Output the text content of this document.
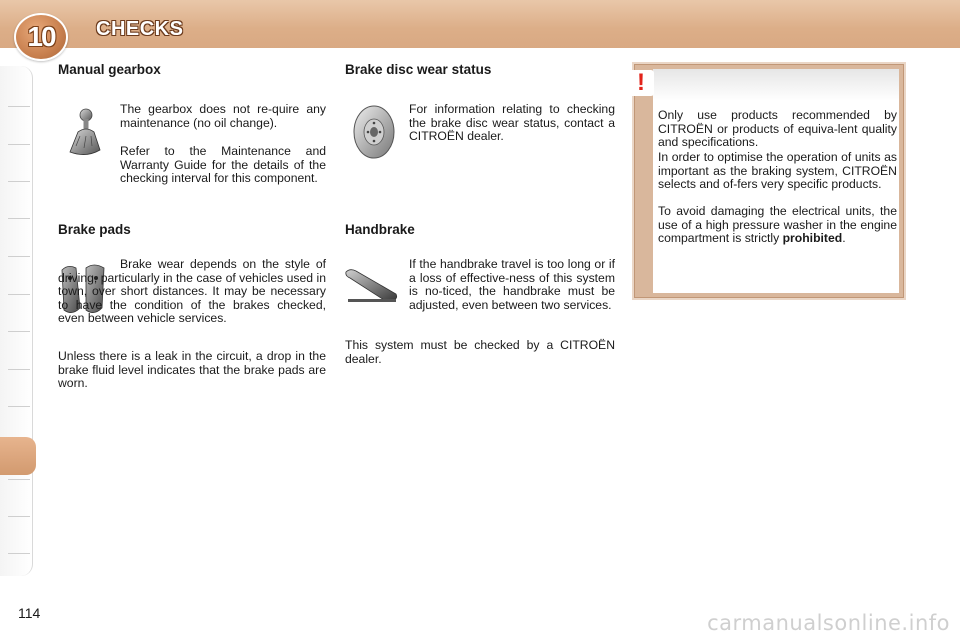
10	CHECKS
Manual gearbox

The gearbox does not re-quire any maintenance (no oil change).

Refer to the Maintenance and Warranty Guide for the details of the checking interval for this component.

Brake pads

Brake wear depends on the style of driving, particularly in the case of vehicles used in town, over short distances. It may be necessary to have the condition of the brakes checked, even between vehicle services.

Unless there is a leak in the circuit, a drop in the brake fluid level indicates that the brake pads are worn.

Brake disc wear status

For information relating to checking the brake disc wear status, contact a CITROËN dealer.

Handbrake

If the handbrake travel is too long or if a loss of effective-ness of this system is no-ticed, the handbrake must be adjusted, even between two services.

This system must be checked by a CITROËN dealer.

Only use products recommended by CITROËN or products of equiva-lent quality and specifications.

In order to optimise the operation of units as important as the braking system, CITROËN selects and of-fers very specific products.

To avoid damaging the electrical units, the use of a high pressure washer in the engine compartment is strictly prohibited.

!
114	carmanualsonline.info
